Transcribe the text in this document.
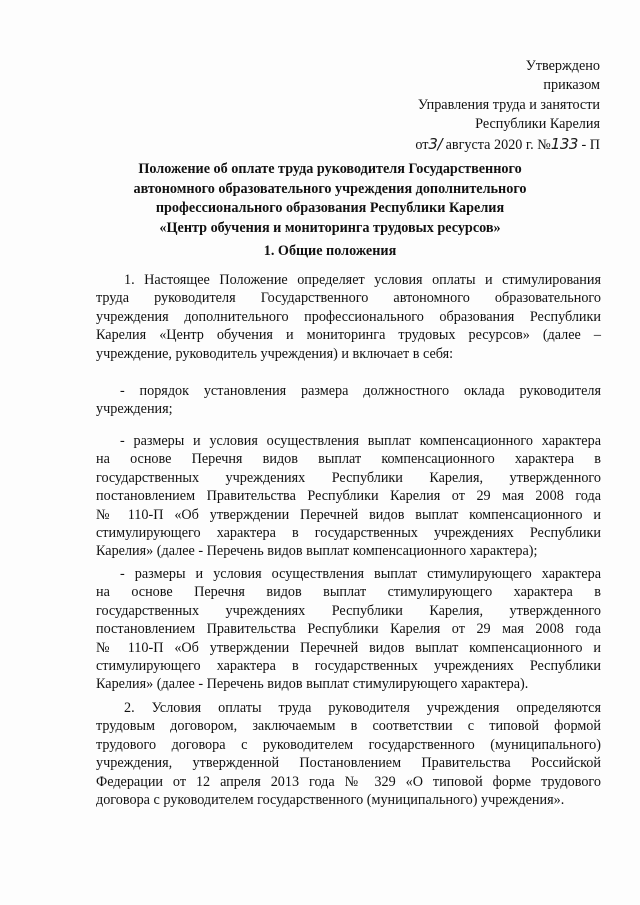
Утверждено
приказом
Управления труда и занятости
Республики Карелия
от3/ августа 2020 г. №133 - П
Положение об оплате труда руководителя Государственного
автономного образовательного учреждения дополнительного
профессионального образования Республики Карелия
«Центр обучения и мониторинга трудовых ресурсов»
1. Общие положения
1. Настоящее Положение определяет условия оплаты и стимулирования
труда руководителя Государственного автономного образовательного
учреждения дополнительного профессионального образования Республики
Карелия «Центр обучения и мониторинга трудовых ресурсов» (далее –
учреждение, руководитель учреждения) и включает в себя:
- порядок установления размера должностного оклада руководителя
учреждения;
- размеры и условия осуществления выплат компенсационного характера
на основе Перечня видов выплат компенсационного характера в
государственных учреждениях Республики Карелия, утвержденного
постановлением Правительства Республики Карелия от 29 мая 2008 года
№ 110-П «Об утверждении Перечней видов выплат компенсационного и
стимулирующего характера в государственных учреждениях Республики
Карелия» (далее - Перечень видов выплат компенсационного характера);
- размеры и условия осуществления выплат стимулирующего характера
на основе Перечня видов выплат стимулирующего характера в
государственных учреждениях Республики Карелия, утвержденного
постановлением Правительства Республики Карелия от 29 мая 2008 года
№ 110-П «Об утверждении Перечней видов выплат компенсационного и
стимулирующего характера в государственных учреждениях Республики
Карелия» (далее - Перечень видов выплат стимулирующего характера).
2. Условия оплаты труда руководителя учреждения определяются
трудовым договором, заключаемым в соответствии с типовой формой
трудового договора с руководителем государственного (муниципального)
учреждения, утвержденной Постановлением Правительства Российской
Федерации от 12 апреля 2013 года № 329 «О типовой форме трудового
договора с руководителем государственного (муниципального) учреждения».
